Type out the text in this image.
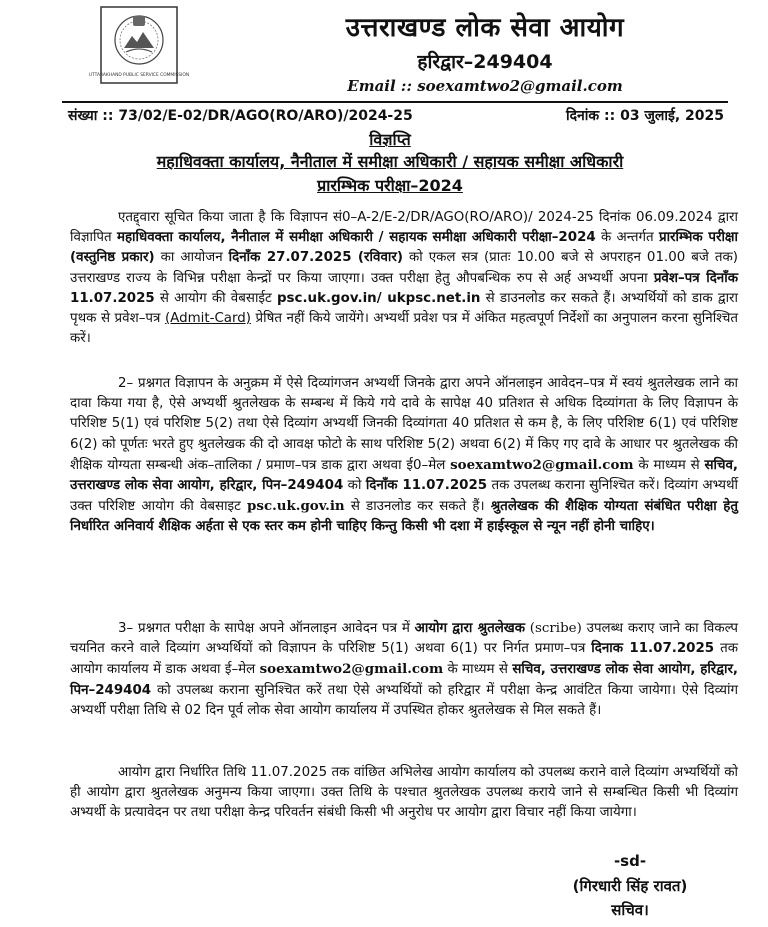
UTTARAKHAND PUBLIC SERVICE COMMISSION
उत्तराखण्ड लोक सेवा आयोग
हरिद्वार–249404
Email :: soexamtwo2@gmail.com
संख्या :: 73/02/E-02/DR/AGO(RO/ARO)/2024-25	दिनांक :: 03 जुलाई, 2025
विज्ञप्ति
महाधिवक्ता कार्यालय, नैनीताल में समीक्षा अधिकारी / सहायक समीक्षा अधिकारी
प्रारम्भिक परीक्षा–2024
एतद्द्वारा सूचित किया जाता है कि विज्ञापन सं0–A-2/E-2/DR/AGO(RO/ARO)/ 2024-25 दिनांक 06.09.2024 द्वारा विज्ञापित महाधिवक्ता कार्यालय, नैनीताल में समीक्षा अधिकारी / सहायक समीक्षा अधिकारी परीक्षा–2024 के अन्तर्गत प्रारम्भिक परीक्षा (वस्तुनिष्ठ प्रकार) का आयोजन दिनाँक 27.07.2025 (रविवार) को एकल सत्र (प्रातः 10.00 बजे से अपराहन 01.00 बजे तक) उत्तराखण्ड राज्य के विभिन्न परीक्षा केन्द्रों पर किया जाएगा। उक्त परीक्षा हेतु औपबन्धिक रुप से अर्ह अभ्यर्थी अपना प्रवेश–पत्र दिनाँक 11.07.2025 से आयोग की वेबसाईट psc.uk.gov.in/ ukpsc.net.in से डाउनलोड कर सकते हैं। अभ्यर्थियों को डाक द्वारा पृथक से प्रवेश–पत्र (Admit-Card) प्रेषित नहीं किये जायेंगे। अभ्यर्थी प्रवेश पत्र में अंकित महत्वपूर्ण निर्देशों का अनुपालन करना सुनिश्चित करें।
2– प्रश्नगत विज्ञापन के अनुक्रम में ऐसे दिव्यांगजन अभ्यर्थी जिनके द्वारा अपने ऑनलाइन आवेदन–पत्र में स्वयं श्रुतलेखक लाने का दावा किया गया है, ऐसे अभ्यर्थी श्रुतलेखक के सम्बन्ध में किये गये दावे के सापेक्ष 40 प्रतिशत से अधिक दिव्यांगता के लिए विज्ञापन के परिशिष्ट 5(1) एवं परिशिष्ट 5(2) तथा ऐसे दिव्यांग अभ्यर्थी जिनकी दिव्यांगता 40 प्रतिशत से कम है, के लिए परिशिष्ट 6(1) एवं परिशिष्ट 6(2) को पूर्णतः भरते हुए श्रुतलेखक की दो आवक्ष फोटो के साथ परिशिष्ट 5(2) अथवा 6(2) में किए गए दावे के आधार पर श्रुतलेखक की शैक्षिक योग्यता सम्बन्धी अंक–तालिका / प्रमाण–पत्र डाक द्वारा अथवा ई0–मेल soexamtwo2@gmail.com के माध्यम से सचिव, उत्तराखण्ड लोक सेवा आयोग, हरिद्वार, पिन–249404 को दिनाँक 11.07.2025 तक उपलब्ध कराना सुनिश्चित करें। दिव्यांग अभ्यर्थी उक्त परिशिष्ट आयोग की वेबसाइट psc.uk.gov.in से डाउनलोड कर सकते हैं। श्रुतलेखक की शैक्षिक योग्यता संबंधित परीक्षा हेतु निर्धारित अनिवार्य शैक्षिक अर्हता से एक स्तर कम होनी चाहिए किन्तु किसी भी दशा में हाईस्कूल से न्यून नहीं होनी चाहिए।
3– प्रश्नगत परीक्षा के सापेक्ष अपने ऑनलाइन आवेदन पत्र में आयोग द्वारा श्रुतलेखक (scribe) उपलब्ध कराए जाने का विकल्प चयनित करने वाले दिव्यांग अभ्यर्थियों को विज्ञापन के परिशिष्ट 5(1) अथवा 6(1) पर निर्गत प्रमाण–पत्र दिनाक 11.07.2025 तक आयोग कार्यालय में डाक अथवा ई–मेल soexamtwo2@gmail.com के माध्यम से सचिव, उत्तराखण्ड लोक सेवा आयोग, हरिद्वार, पिन–249404 को उपलब्ध कराना सुनिश्चित करें तथा ऐसे अभ्यर्थियों को हरिद्वार में परीक्षा केन्द्र आवंटित किया जायेगा। ऐसे दिव्यांग अभ्यर्थी परीक्षा तिथि से 02 दिन पूर्व लोक सेवा आयोग कार्यालय में उपस्थित होकर श्रुतलेखक से मिल सकते हैं।
आयोग द्वारा निर्धारित तिथि 11.07.2025 तक वांछित अभिलेख आयोग कार्यालय को उपलब्ध कराने वाले दिव्यांग अभ्यर्थियों को ही आयोग द्वारा श्रुतलेखक अनुमन्य किया जाएगा। उक्त तिथि के पश्चात श्रुतलेखक उपलब्ध कराये जाने से सम्बन्धित किसी भी दिव्यांग अभ्यर्थी के प्रत्यावेदन पर तथा परीक्षा केन्द्र परिवर्तन संबंधी किसी भी अनुरोध पर आयोग द्वारा विचार नहीं किया जायेगा।
-sd-
(गिरधारी सिंह रावत)
सचिव।
